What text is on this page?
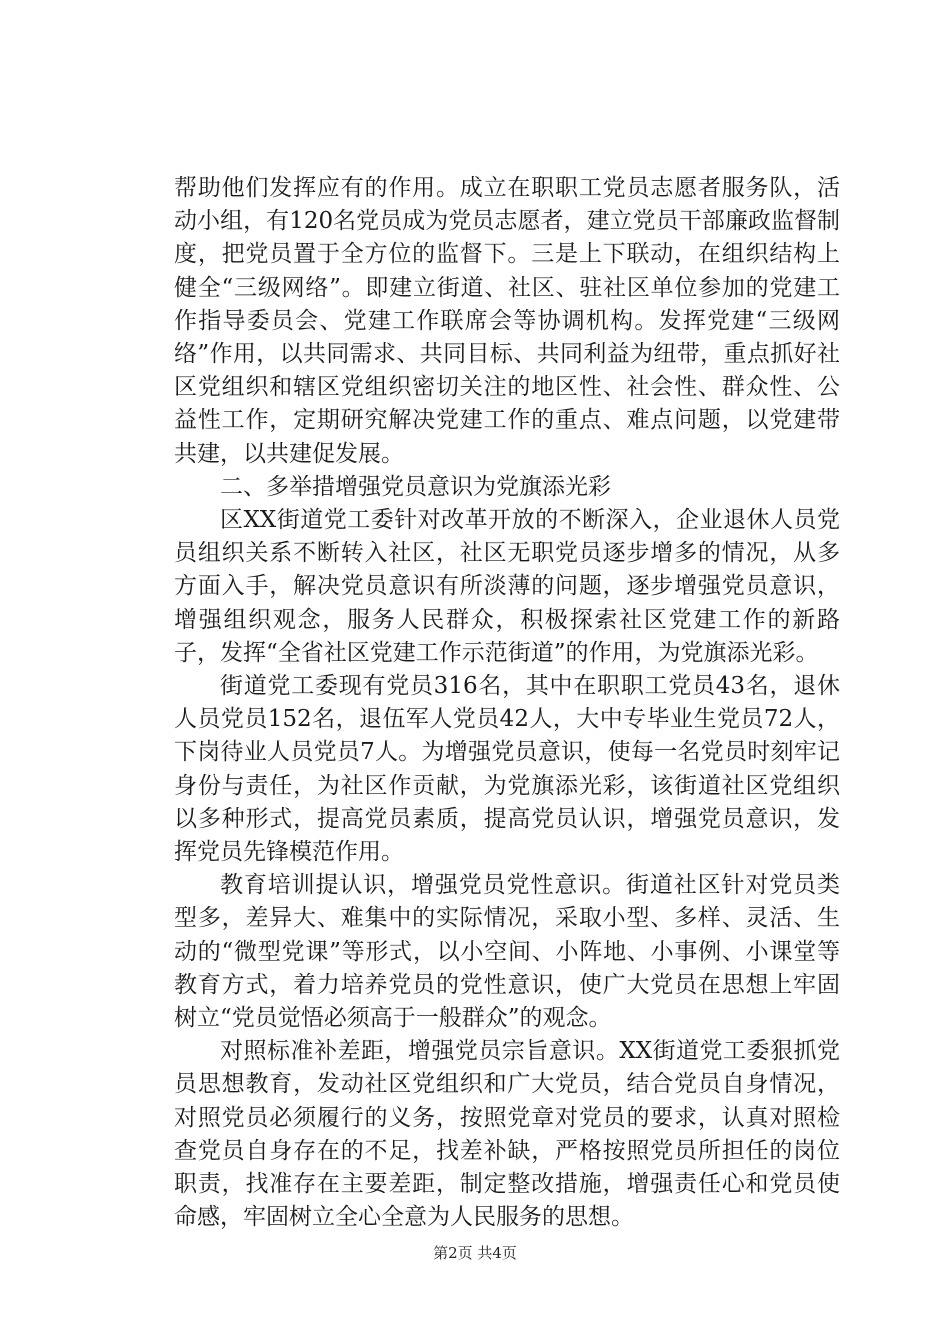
帮助他们发挥应有的作用。成立在职职工党员志愿者服务队，活动小组，有120名党员成为党员志愿者，建立党员干部廉政监督制度，把党员置于全方位的监督下。三是上下联动，在组织结构上健全“三级网络”。即建立街道、社区、驻社区单位参加的党建工作指导委员会、党建工作联席会等协调机构。发挥党建“三级网络”作用，以共同需求、共同目标、共同利益为纽带，重点抓好社区党组织和辖区党组织密切关注的地区性、社会性、群众性、公益性工作，定期研究解决党建工作的重点、难点问题，以党建带共建，以共建促发展。

二、多举措增强党员意识为党旗添光彩

区XX街道党工委针对改革开放的不断深入，企业退休人员党员组织关系不断转入社区，社区无职党员逐步增多的情况，从多方面入手，解决党员意识有所淡薄的问题，逐步增强党员意识，增强组织观念，服务人民群众，积极探索社区党建工作的新路子，发挥“全省社区党建工作示范街道”的作用，为党旗添光彩。

街道党工委现有党员316名，其中在职职工党员43名，退休人员党员152名，退伍军人党员42人，大中专毕业生党员72人，下岗待业人员党员7人。为增强党员意识，使每一名党员时刻牢记身份与责任，为社区作贡献，为党旗添光彩，该街道社区党组织以多种形式，提高党员素质，提高党员认识，增强党员意识，发挥党员先锋模范作用。

教育培训提认识，增强党员党性意识。街道社区针对党员类型多，差异大、难集中的实际情况，采取小型、多样、灵活、生动的“微型党课”等形式，以小空间、小阵地、小事例、小课堂等教育方式，着力培养党员的党性意识，使广大党员在思想上牢固树立“党员觉悟必须高于一般群众”的观念。

对照标准补差距，增强党员宗旨意识。XX街道党工委狠抓党员思想教育，发动社区党组织和广大党员，结合党员自身情况，对照党员必须履行的义务，按照党章对党员的要求，认真对照检查党员自身存在的不足，找差补缺，严格按照党员所担任的岗位职责，找准存在主要差距，制定整改措施，增强责任心和党员使命感，牢固树立全心全意为人民服务的思想。

第2页 共4页
